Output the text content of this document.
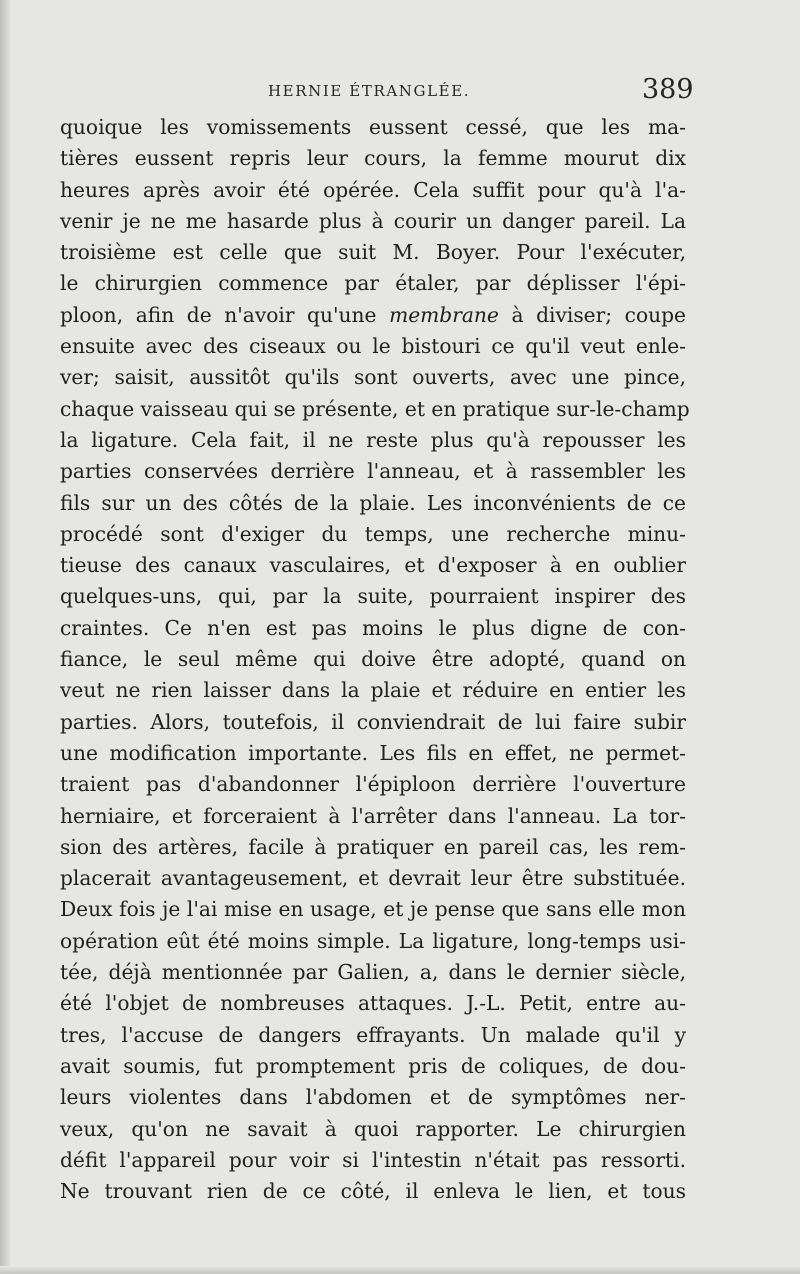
HERNIE ÉTRANGLÉE.	389
quoique les vomissements eussent cessé, que les ma-
tières eussent repris leur cours, la femme mourut dix
heures après avoir été opérée. Cela suffit pour qu'à l'a-
venir je ne me hasarde plus à courir un danger pareil. La
troisième est celle que suit M. Boyer. Pour l'exécuter,
le chirurgien commence par étaler, par déplisser l'épi-
ploon, afin de n'avoir qu'une membrane à diviser; coupe
ensuite avec des ciseaux ou le bistouri ce qu'il veut enle-
ver; saisit, aussitôt qu'ils sont ouverts, avec une pince,
chaque vaisseau qui se présente, et en pratique sur-le-champ
la ligature. Cela fait, il ne reste plus qu'à repousser les
parties conservées derrière l'anneau, et à rassembler les
fils sur un des côtés de la plaie. Les inconvénients de ce
procédé sont d'exiger du temps, une recherche minu-
tieuse des canaux vasculaires, et d'exposer à en oublier
quelques-uns, qui, par la suite, pourraient inspirer des
craintes. Ce n'en est pas moins le plus digne de con-
fiance, le seul même qui doive être adopté, quand on
veut ne rien laisser dans la plaie et réduire en entier les
parties. Alors, toutefois, il conviendrait de lui faire subir
une modification importante. Les fils en effet, ne permet-
traient pas d'abandonner l'épiploon derrière l'ouverture
herniaire, et forceraient à l'arrêter dans l'anneau. La tor-
sion des artères, facile à pratiquer en pareil cas, les rem-
placerait avantageusement, et devrait leur être substituée.
Deux fois je l'ai mise en usage, et je pense que sans elle mon
opération eût été moins simple. La ligature, long-temps usi-
tée, déjà mentionnée par Galien, a, dans le dernier siècle,
été l'objet de nombreuses attaques. J.-L. Petit, entre au-
tres, l'accuse de dangers effrayants. Un malade qu'il y
avait soumis, fut promptement pris de coliques, de dou-
leurs violentes dans l'abdomen et de symptômes ner-
veux, qu'on ne savait à quoi rapporter. Le chirurgien
défit l'appareil pour voir si l'intestin n'était pas ressorti.
Ne trouvant rien de ce côté, il enleva le lien, et tous
